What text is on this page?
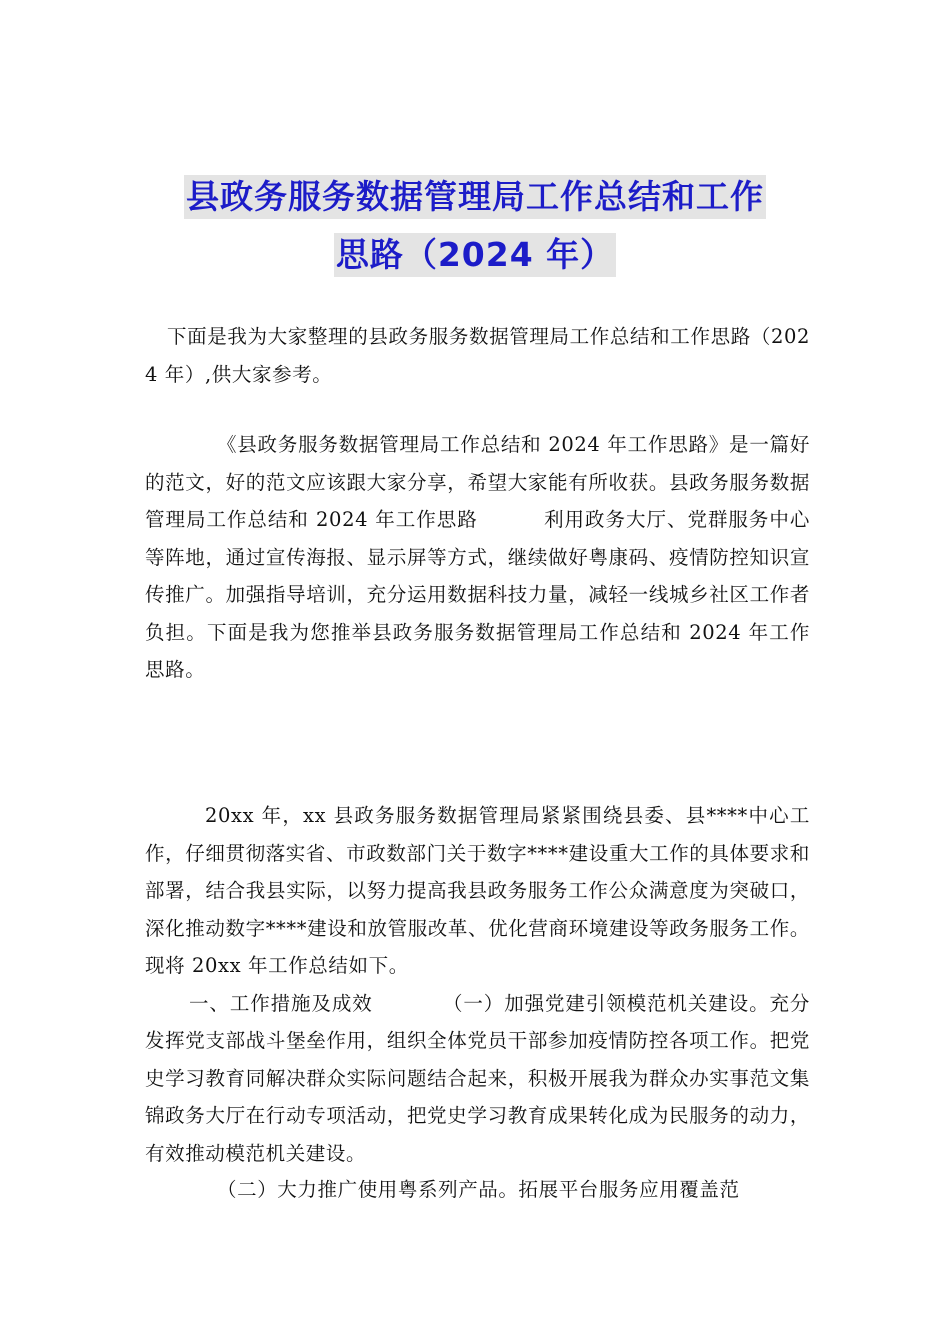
县政务服务数据管理局工作总结和工作
思路（2024 年）
下面是我为大家整理的县政务服务数据管理局工作总结和工作思路（2024 年）,供大家参考。
《县政务服务数据管理局工作总结和 2024 年工作思路》是一篇好的范文，好的范文应该跟大家分享，希望大家能有所收获。县政务服务数据管理局工作总结和 2024 年工作思路	利用政务大厅、党群服务中心等阵地，通过宣传海报、显示屏等方式，继续做好粤康码、疫情防控知识宣传推广。加强指导培训，充分运用数据科技力量，减轻一线城乡社区工作者负担。下面是我为您推举县政务服务数据管理局工作总结和 2024 年工作思路。
20xx 年，xx 县政务服务数据管理局紧紧围绕县委、县****中心工作，仔细贯彻落实省、市政数部门关于数字****建设重大工作的具体要求和部署，结合我县实际，以努力提高我县政务服务工作公众满意度为突破口，深化推动数字****建设和放管服改革、优化营商环境建设等政务服务工作。现将 20xx 年工作总结如下。
一、工作措施及成效	（一）加强党建引领模范机关建设。充分发挥党支部战斗堡垒作用，组织全体党员干部参加疫情防控各项工作。把党史学习教育同解决群众实际问题结合起来，积极开展我为群众办实事范文集锦政务大厅在行动专项活动，把党史学习教育成果转化成为民服务的动力，有效推动模范机关建设。
（二）大力推广使用粤系列产品。拓展平台服务应用覆盖范
